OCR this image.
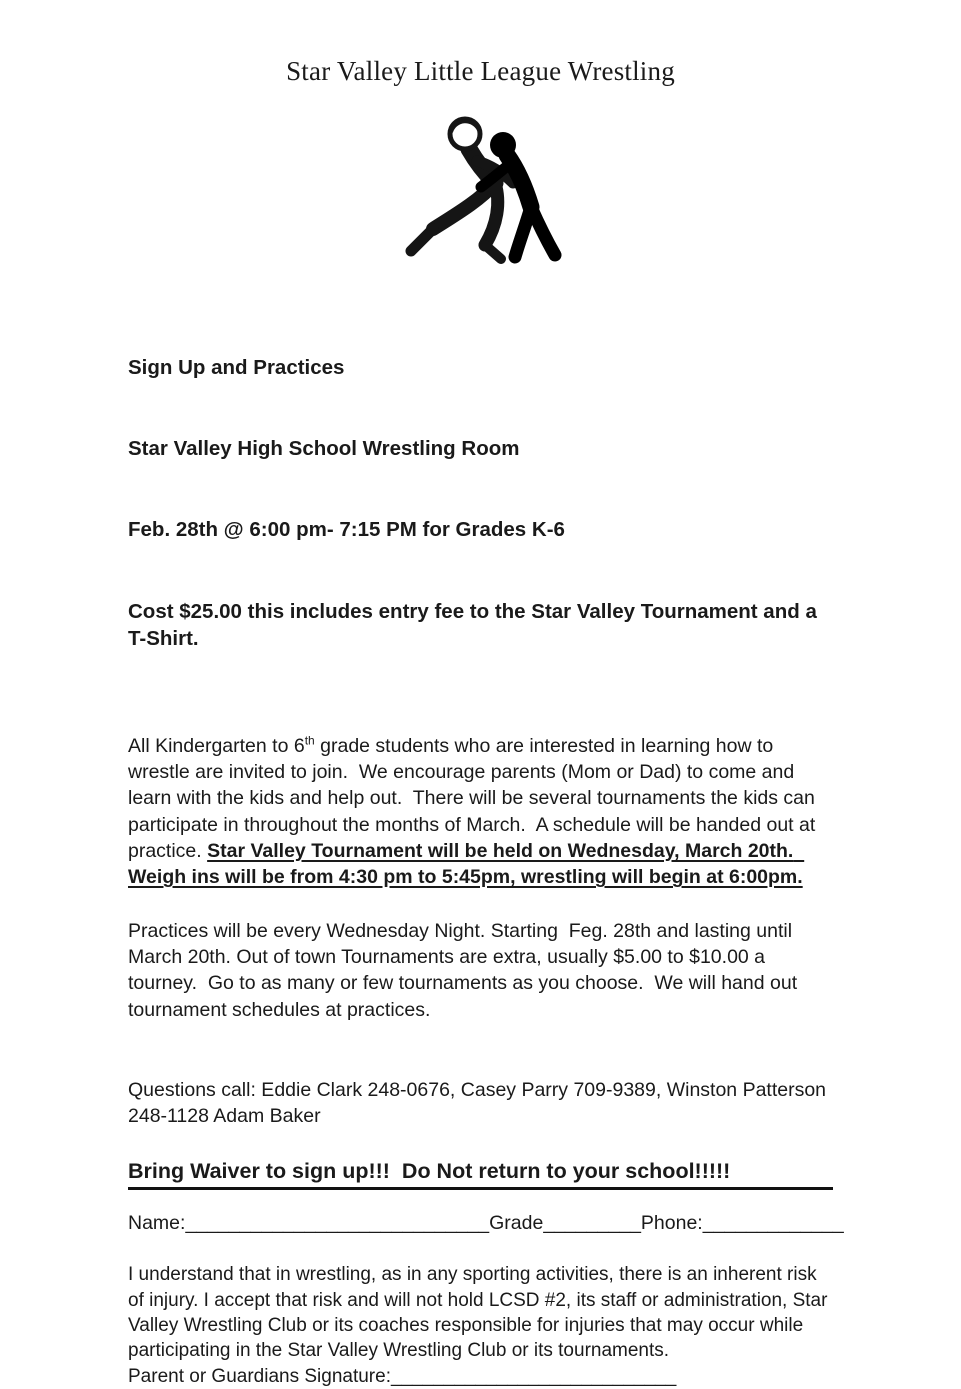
Star Valley Little League Wrestling

Sign Up and Practices

Star Valley High School Wrestling Room

Feb. 28th @ 6:00 pm- 7:15 PM for Grades K-6

Cost $25.00 this includes entry fee to the Star Valley Tournament and a T-Shirt.

All Kindergarten to 6th grade students who are interested in learning how to wrestle are invited to join.  We encourage parents (Mom or Dad) to come and learn with the kids and help out.  There will be several tournaments the kids can participate in throughout the months of March.  A schedule will be handed out at practice. Star Valley Tournament will be held on Wednesday, March 20th.  Weigh ins will be from 4:30 pm to 5:45pm, wrestling will begin at 6:00pm.

Practices will be every Wednesday Night. Starting  Feg. 28th and lasting until March 20th. Out of town Tournaments are extra, usually $5.00 to $10.00 a tourney.  Go to as many or few tournaments as you choose.  We will hand out tournament schedules at practices.

Questions call: Eddie Clark 248-0676, Casey Parry 709-9389, Winston Patterson 248-1128 Adam Baker

Bring Waiver to sign up!!!  Do Not return to your school!!!!!
Name:____________________________Grade_________Phone:_____________

I understand that in wrestling, as in any sporting activities, there is an inherent risk of injury. I accept that risk and will not hold LCSD #2, its staff or administration, Star Valley Wrestling Club or its coaches responsible for injuries that may occur while participating in the Star Valley Wrestling Club or its tournaments.

Parent or Guardians Signature:___________________________
